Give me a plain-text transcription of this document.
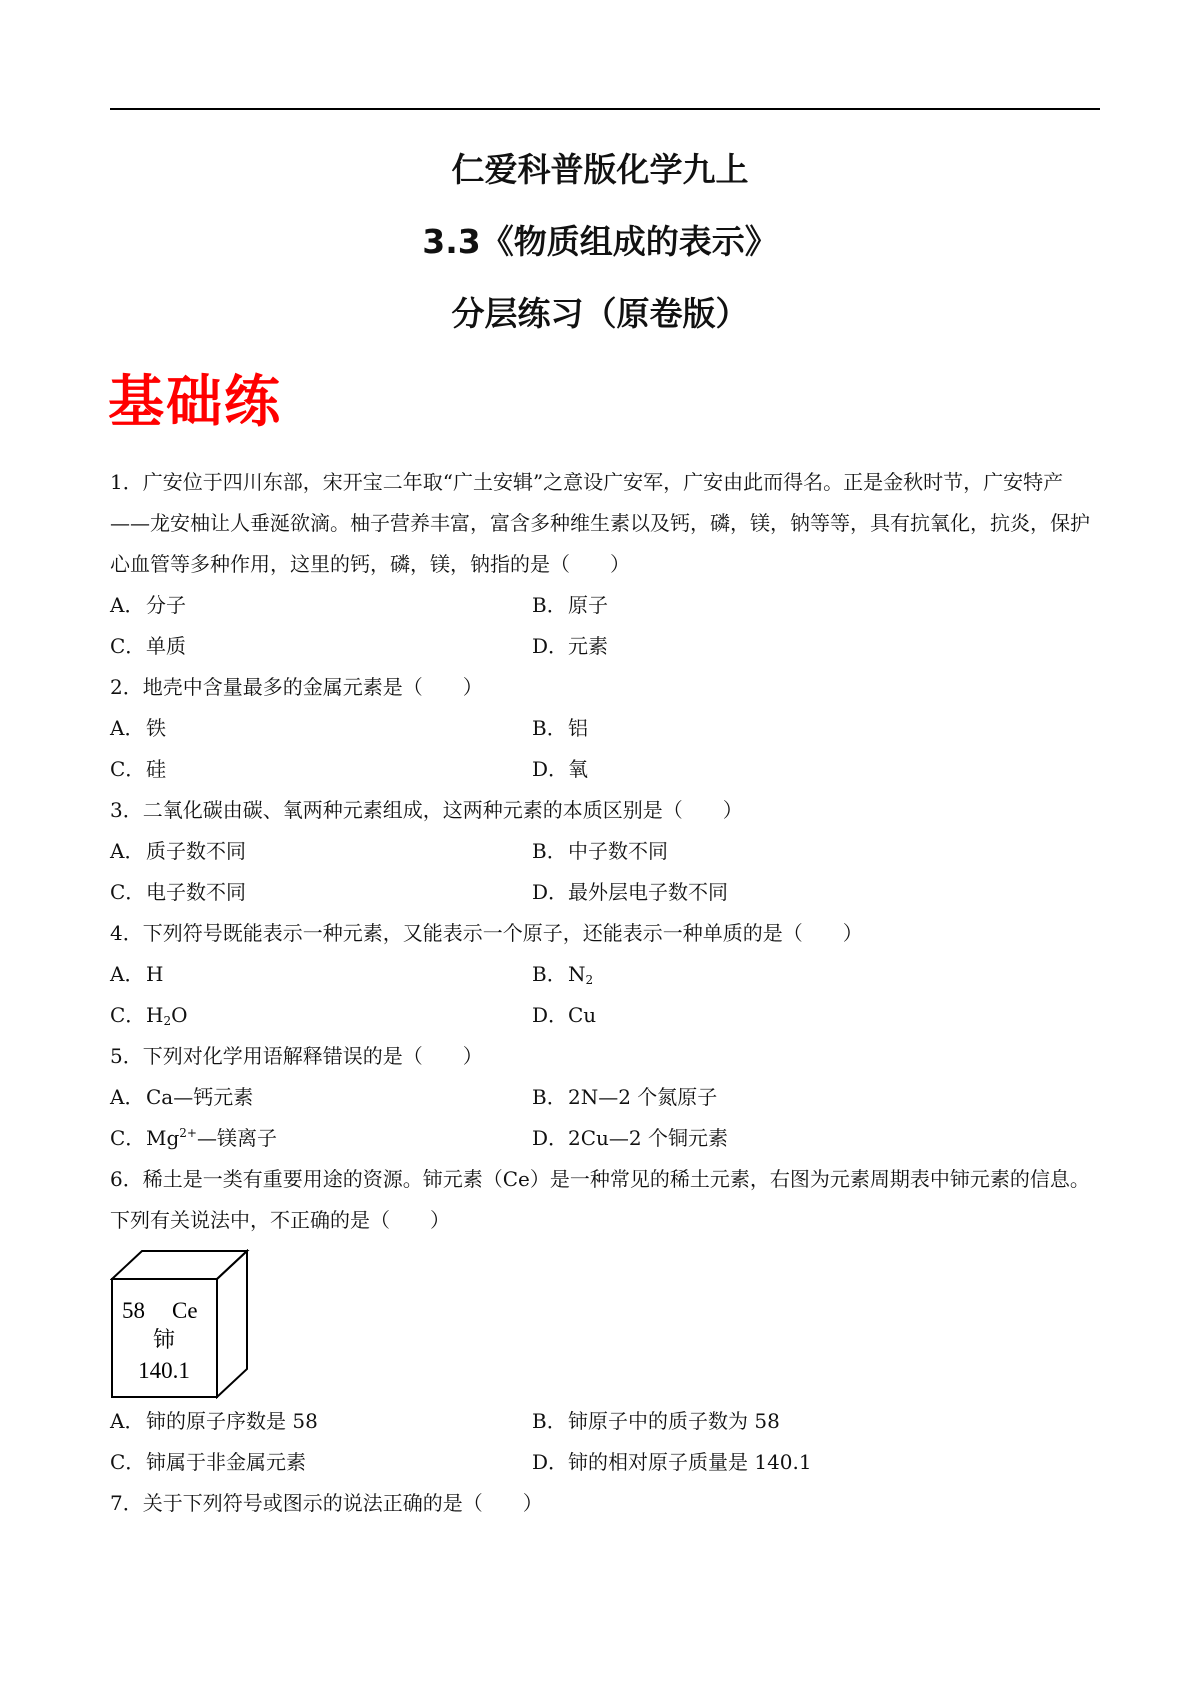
仁爱科普版化学九上
3.3《物质组成的表示》
分层练习（原卷版）
基础练

1．广安位于四川东部，宋开宝二年取“广土安辑”之意设广安军，广安由此而得名。正是金秋时节，广安特产——龙安柚让人垂涎欲滴。柚子营养丰富，富含多种维生素以及钙，磷，镁，钠等等，具有抗氧化，抗炎，保护心血管等多种作用，这里的钙，磷，镁，钠指的是（　　）

A．分子	B．原子
C．单质	D．元素

2．地壳中含量最多的金属元素是（　　）

A．铁	B．铝
C．硅	D．氧

3．二氧化碳由碳、氧两种元素组成，这两种元素的本质区别是（　　）

A．质子数不同	B．中子数不同
C．电子数不同	D．最外层电子数不同

4．下列符号既能表示一种元素，又能表示一个原子，还能表示一种单质的是（　　）

A．H	B．$N_2$
C．$H_2O$	D．Cu

5．下列对化学用语解释错误的是（　　）

A．Ca—钙元素	B．2N—2 个氮原子
C．$Mg^{2+}—$镁离子	D．2Cu—2 个铜元素

6．稀土是一类有重要用途的资源。铈元素（Ce）是一种常见的稀土元素，右图为元素周期表中铈元素的信息。下列有关说法中，不正确的是（　　）

58 Ce
铈
140.1
A．铈的原子序数是 58	B．铈原子中的质子数为 58
C．铈属于非金属元素	D．铈的相对原子质量是 140.1

7．关于下列符号或图示的说法正确的是（　　）
